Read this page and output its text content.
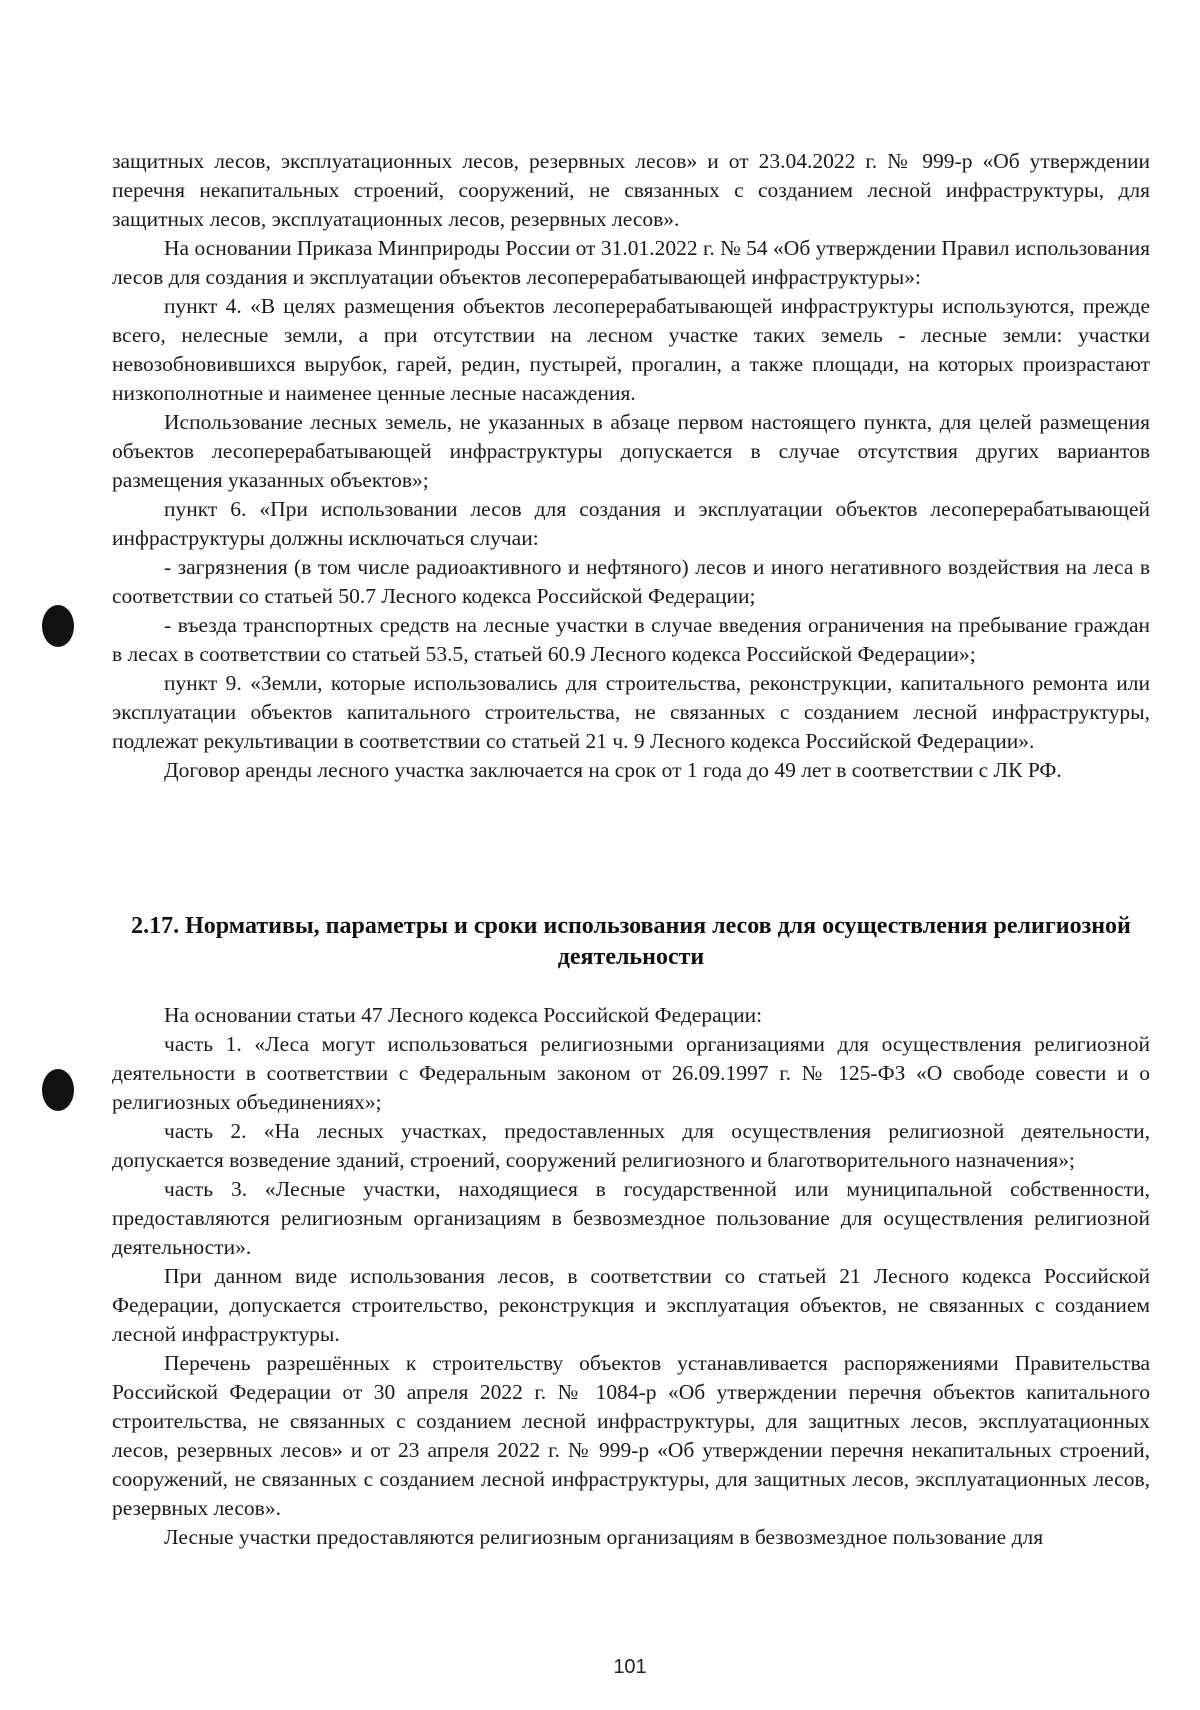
защитных лесов, эксплуатационных лесов, резервных лесов» и от 23.04.2022 г. № 999-р «Об утверждении перечня некапитальных строений, сооружений, не связанных с созданием лесной инфраструктуры, для защитных лесов, эксплуатационных лесов, резервных лесов».

На основании Приказа Минприроды России от 31.01.2022 г. № 54 «Об утверждении Правил использования лесов для создания и эксплуатации объектов лесоперерабатывающей инфраструктуры»:

пункт 4. «В целях размещения объектов лесоперерабатывающей инфраструктуры используются, прежде всего, нелесные земли, а при отсутствии на лесном участке таких земель - лесные земли: участки невозобновившихся вырубок, гарей, редин, пустырей, прогалин, а также площади, на которых произрастают низкополнотные и наименее ценные лесные насаждения.

Использование лесных земель, не указанных в абзаце первом настоящего пункта, для целей размещения объектов лесоперерабатывающей инфраструктуры допускается в случае отсутствия других вариантов размещения указанных объектов»;

пункт 6. «При использовании лесов для создания и эксплуатации объектов лесоперерабатывающей инфраструктуры должны исключаться случаи:

- загрязнения (в том числе радиоактивного и нефтяного) лесов и иного негативного воздействия на леса в соответствии со статьей 50.7 Лесного кодекса Российской Федерации;

- въезда транспортных средств на лесные участки в случае введения ограничения на пребывание граждан в лесах в соответствии со статьей 53.5, статьей 60.9 Лесного кодекса Российской Федерации»;

пункт 9. «Земли, которые использовались для строительства, реконструкции, капитального ремонта или эксплуатации объектов капитального строительства, не связанных с созданием лесной инфраструктуры, подлежат рекультивации в соответствии со статьей 21 ч. 9 Лесного кодекса Российской Федерации».

Договор аренды лесного участка заключается на срок от 1 года до 49 лет в соответствии с ЛК РФ.

2.17. Нормативы, параметры и сроки использования лесов для осуществления религиозной деятельности

На основании статьи 47 Лесного кодекса Российской Федерации:

часть 1. «Леса могут использоваться религиозными организациями для осуществления религиозной деятельности в соответствии с Федеральным законом от 26.09.1997 г. № 125-ФЗ «О свободе совести и о религиозных объединениях»;

часть 2. «На лесных участках, предоставленных для осуществления религиозной деятельности, допускается возведение зданий, строений, сооружений религиозного и благотворительного назначения»;

часть 3. «Лесные участки, находящиеся в государственной или муниципальной собственности, предоставляются религиозным организациям в безвозмездное пользование для осуществления религиозной деятельности».

При данном виде использования лесов, в соответствии со статьей 21 Лесного кодекса Российской Федерации, допускается строительство, реконструкция и эксплуатация объектов, не связанных с созданием лесной инфраструктуры.

Перечень разрешённых к строительству объектов устанавливается распоряжениями Правительства Российской Федерации от 30 апреля 2022 г. № 1084-р «Об утверждении перечня объектов капитального строительства, не связанных с созданием лесной инфраструктуры, для защитных лесов, эксплуатационных лесов, резервных лесов» и от 23 апреля 2022 г. № 999-р «Об утверждении перечня некапитальных строений, сооружений, не связанных с созданием лесной инфраструктуры, для защитных лесов, эксплуатационных лесов, резервных лесов».

Лесные участки предоставляются религиозным организациям в безвозмездное пользование для

101
